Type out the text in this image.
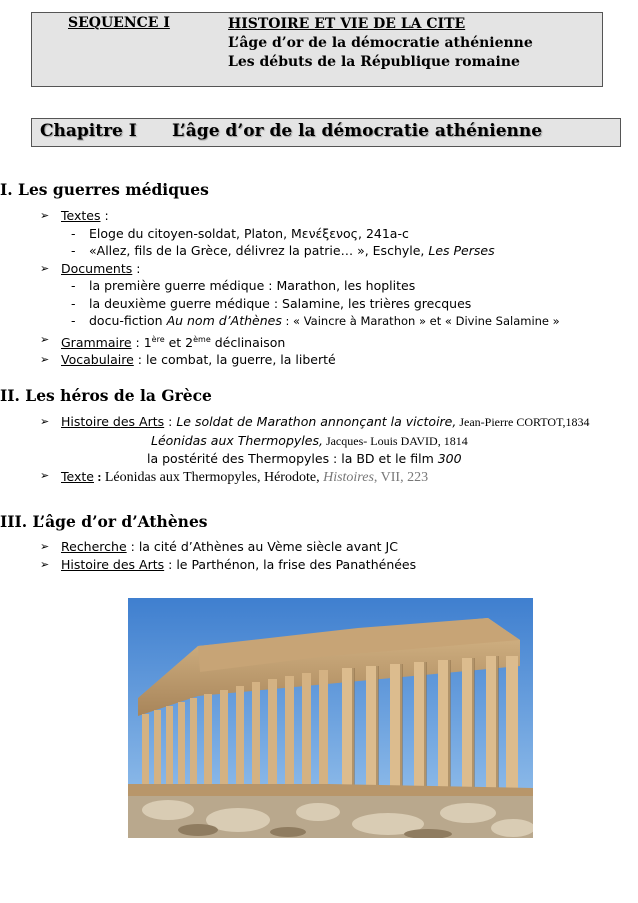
SEQUENCE I	HISTOIRE ET VIE DE LA CITE
L’âge d’or de la démocratie athénienne
Les débuts de la République romaine
Chapitre I L’âge d’or de la démocratie athénienne
I. Les guerres médiques
➢ Textes :
- Eloge du citoyen-soldat, Platon, Μενέξενος, 241a-c
- «Allez, fils de la Grèce, délivrez la patrie… », Eschyle, Les Perses
➢ Documents :
- la première guerre médique : Marathon, les hoplites
- la deuxième guerre médique : Salamine, les trières grecques
- docu-fiction Au nom d’Athènes : « Vaincre à Marathon » et « Divine Salamine »
➢ Grammaire : 1ère et 2ème déclinaison
➢ Vocabulaire : le combat, la guerre, la liberté
II. Les héros de la Grèce
➢ Histoire des Arts : Le soldat de Marathon annonçant la victoire, Jean-Pierre CORTOT,1834
Léonidas aux Thermopyles, Jacques- Louis DAVID, 1814
la postérité des Thermopyles : la BD et le film 300
➢ Texte : Léonidas aux Thermopyles, Hérodote, Histoires, VII, 223
III. L’âge d’or d’Athènes
➢ Recherche : la cité d’Athènes au Vème siècle avant JC
➢ Histoire des Arts : le Parthénon, la frise des Panathénées
